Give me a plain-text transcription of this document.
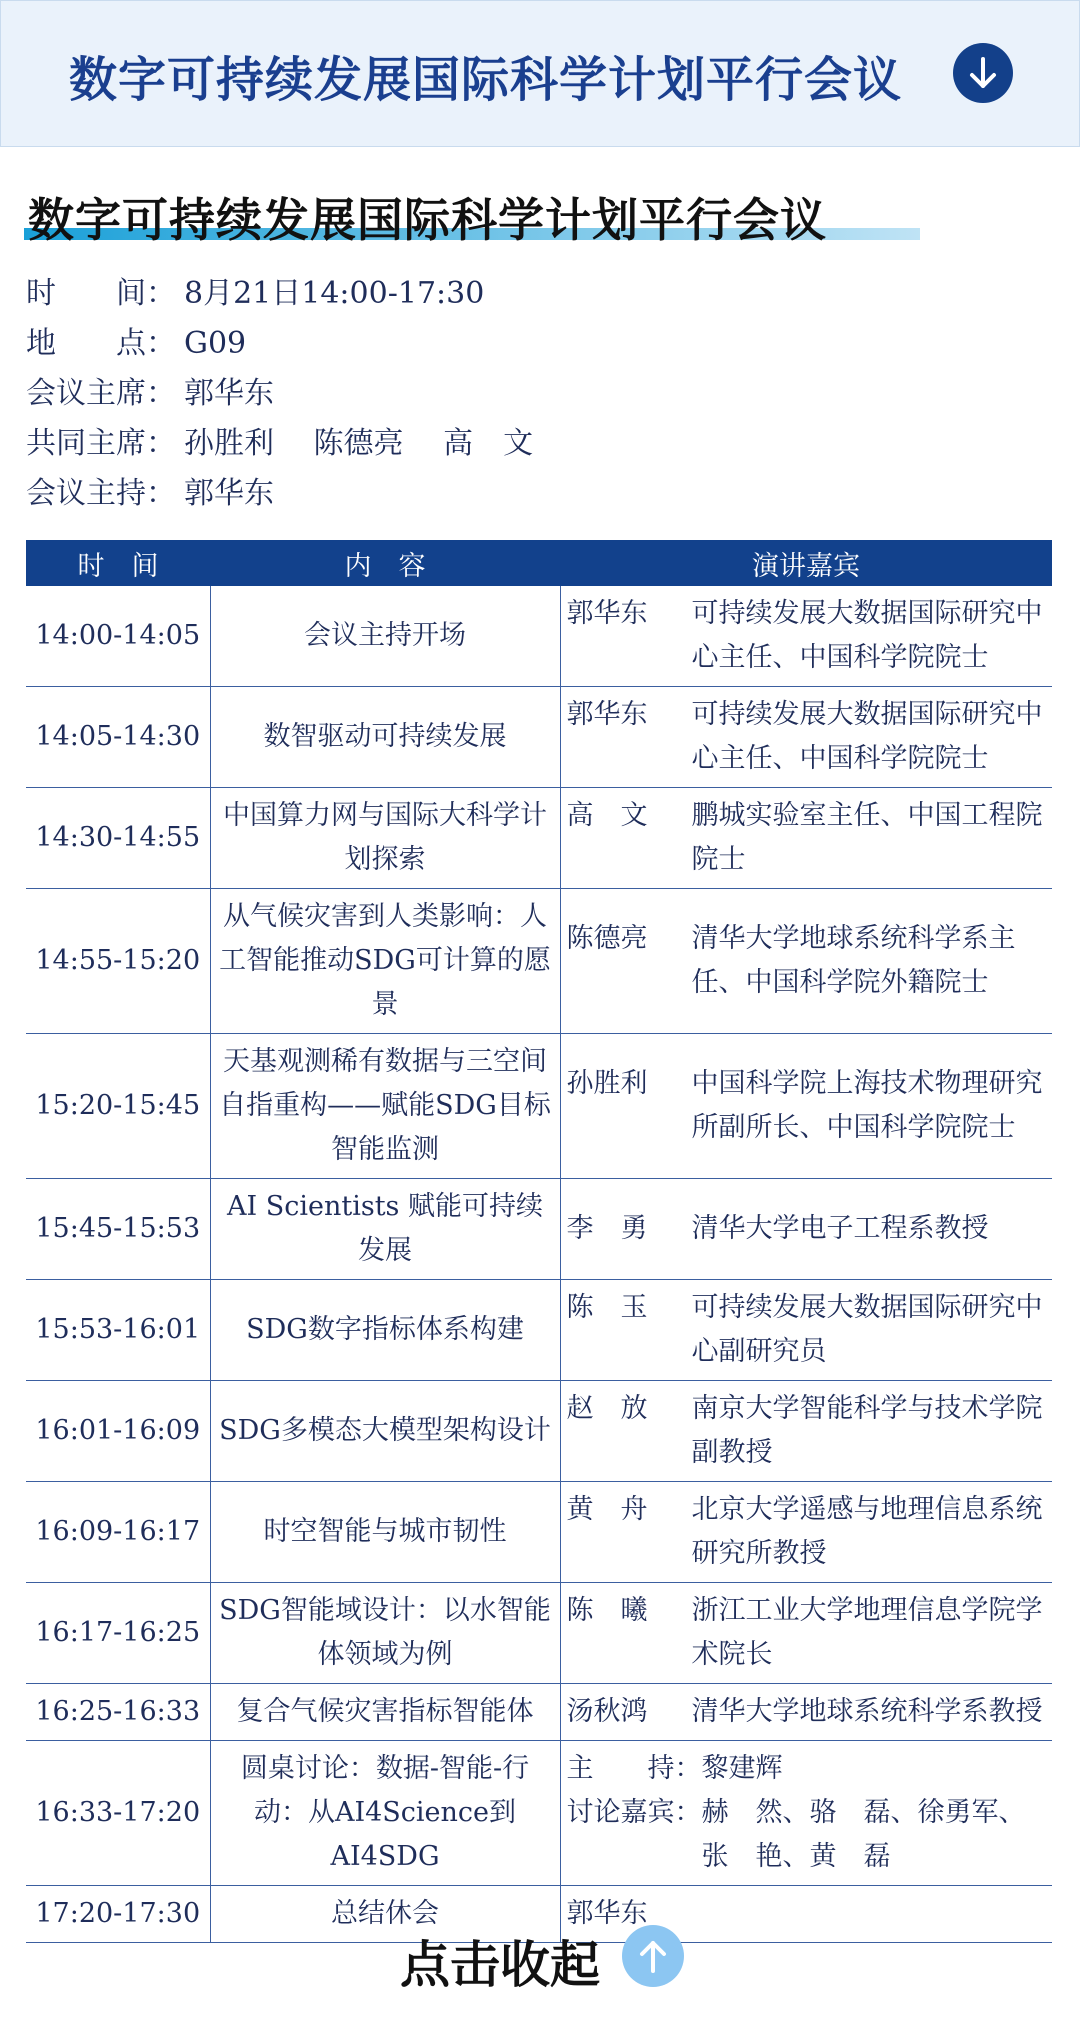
数字可持续发展国际科学计划平行会议
数字可持续发展国际科学计划平行会议
时　　间： 8月21日14:00-17:30
地　　点： G09
会议主席： 郭华东
共同主席： 孙胜利　 陈德亮　 高　文
会议主持： 郭华东
时　间	内　容	演讲嘉宾
14:00-14:05	会议主持开场	郭华东 可持续发展大数据国际研究中心主任、中国科学院院士

14:05-14:30	数智驱动可持续发展	郭华东 可持续发展大数据国际研究中心主任、中国科学院院士

14:30-14:55	中国算力网与国际大科学计划探索	高　文 鹏城实验室主任、中国工程院院士

14:55-15:20	从气候灾害到人类影响：人工智能推动SDG可计算的愿景	陈德亮 清华大学地球系统科学系主任、中国科学院外籍院士

15:20-15:45	天基观测稀有数据与三空间自指重构——赋能SDG目标智能监测	孙胜利 中国科学院上海技术物理研究所副所长、中国科学院院士

15:45-15:53	AI Scientists 赋能可持续发展	李　勇 清华大学电子工程系教授

15:53-16:01	SDG数字指标体系构建	陈　玉 可持续发展大数据国际研究中心副研究员

16:01-16:09	SDG多模态大模型架构设计	赵　放 南京大学智能科学与技术学院副教授

16:09-16:17	时空智能与城市韧性	黄　舟 北京大学遥感与地理信息系统研究所教授

16:17-16:25	SDG智能域设计：以水智能体领域为例	陈　曦 浙江工业大学地理信息学院学术院长

16:25-16:33	复合气候灾害指标智能体	汤秋鸿 清华大学地球系统科学系教授

16:33-17:20	圆桌讨论：数据-智能-行动：从AI4Science到AI4SDG	主　　持： 黎建辉
讨论嘉宾： 赫　然、骆　磊、徐勇军、张　艳、黄　磊

17:20-17:30	总结休会	郭华东
点击收起
